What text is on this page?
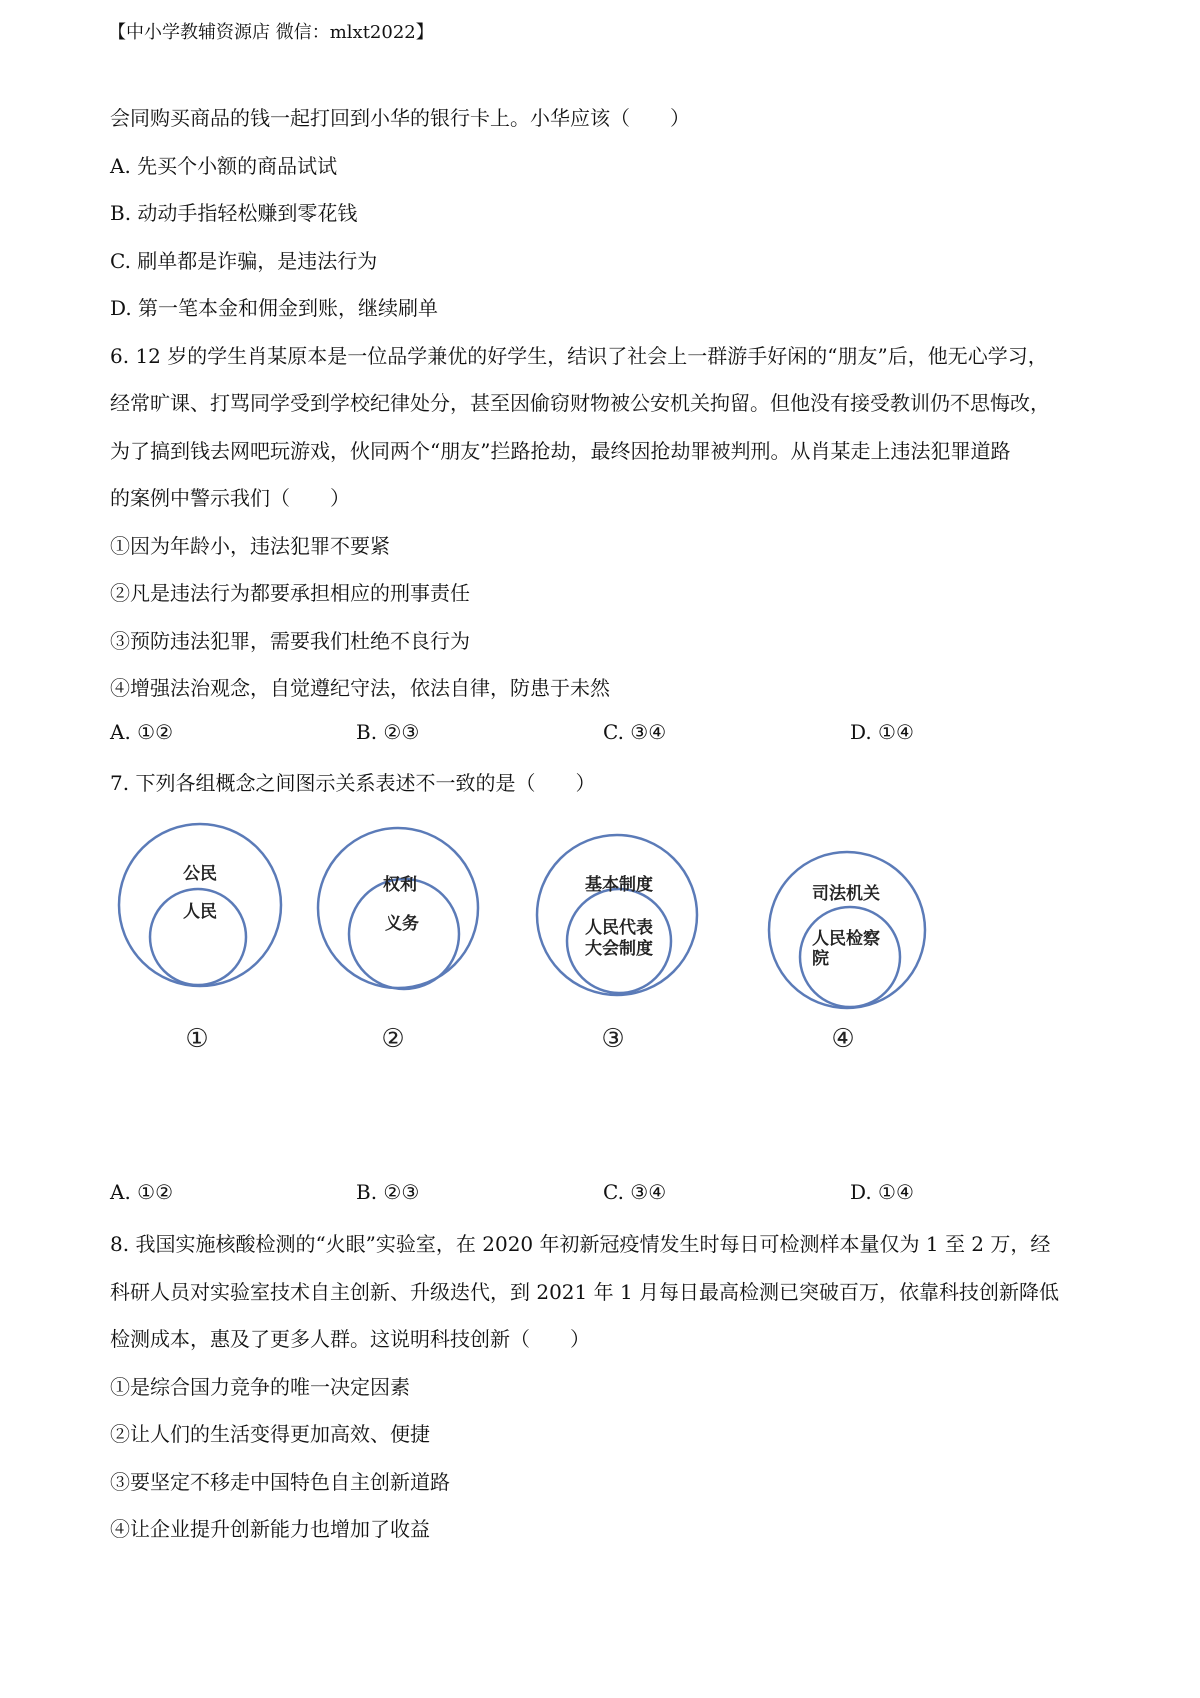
【中小学教辅资源店 微信：mlxt2022】
会同购买商品的钱一起打回到小华的银行卡上。小华应该（　　）
A. 先买个小额的商品试试
B. 动动手指轻松赚到零花钱
C. 刷单都是诈骗，是违法行为
D. 第一笔本金和佣金到账，继续刷单
6. 12 岁的学生肖某原本是一位品学兼优的好学生，结识了社会上一群游手好闲的“朋友”后，他无心学习，
经常旷课、打骂同学受到学校纪律处分，甚至因偷窃财物被公安机关拘留。但他没有接受教训仍不思悔改，
为了搞到钱去网吧玩游戏，伙同两个“朋友”拦路抢劫，最终因抢劫罪被判刑。从肖某走上违法犯罪道路
的案例中警示我们（　　）
①因为年龄小，违法犯罪不要紧
②凡是违法行为都要承担相应的刑事责任
③预防违法犯罪，需要我们杜绝不良行为
④增强法治观念，自觉遵纪守法，依法自律，防患于未然
A. ①②	B. ②③	C. ③④	D. ①④
7. 下列各组概念之间图示关系表述不一致的是（　　）
公民
人民
①
权利
义务
②
基本制度
人民代表
大会制度
③
司法机关
人民检察
院
④
A. ①②	B. ②③	C. ③④	D. ①④
8. 我国实施核酸检测的“火眼”实验室，在 2020 年初新冠疫情发生时每日可检测样本量仅为 1 至 2 万，经
科研人员对实验室技术自主创新、升级迭代，到 2021 年 1 月每日最高检测已突破百万，依靠科技创新降低
检测成本，惠及了更多人群。这说明科技创新（　　）
①是综合国力竞争的唯一决定因素
②让人们的生活变得更加高效、便捷
③要坚定不移走中国特色自主创新道路
④让企业提升创新能力也增加了收益
